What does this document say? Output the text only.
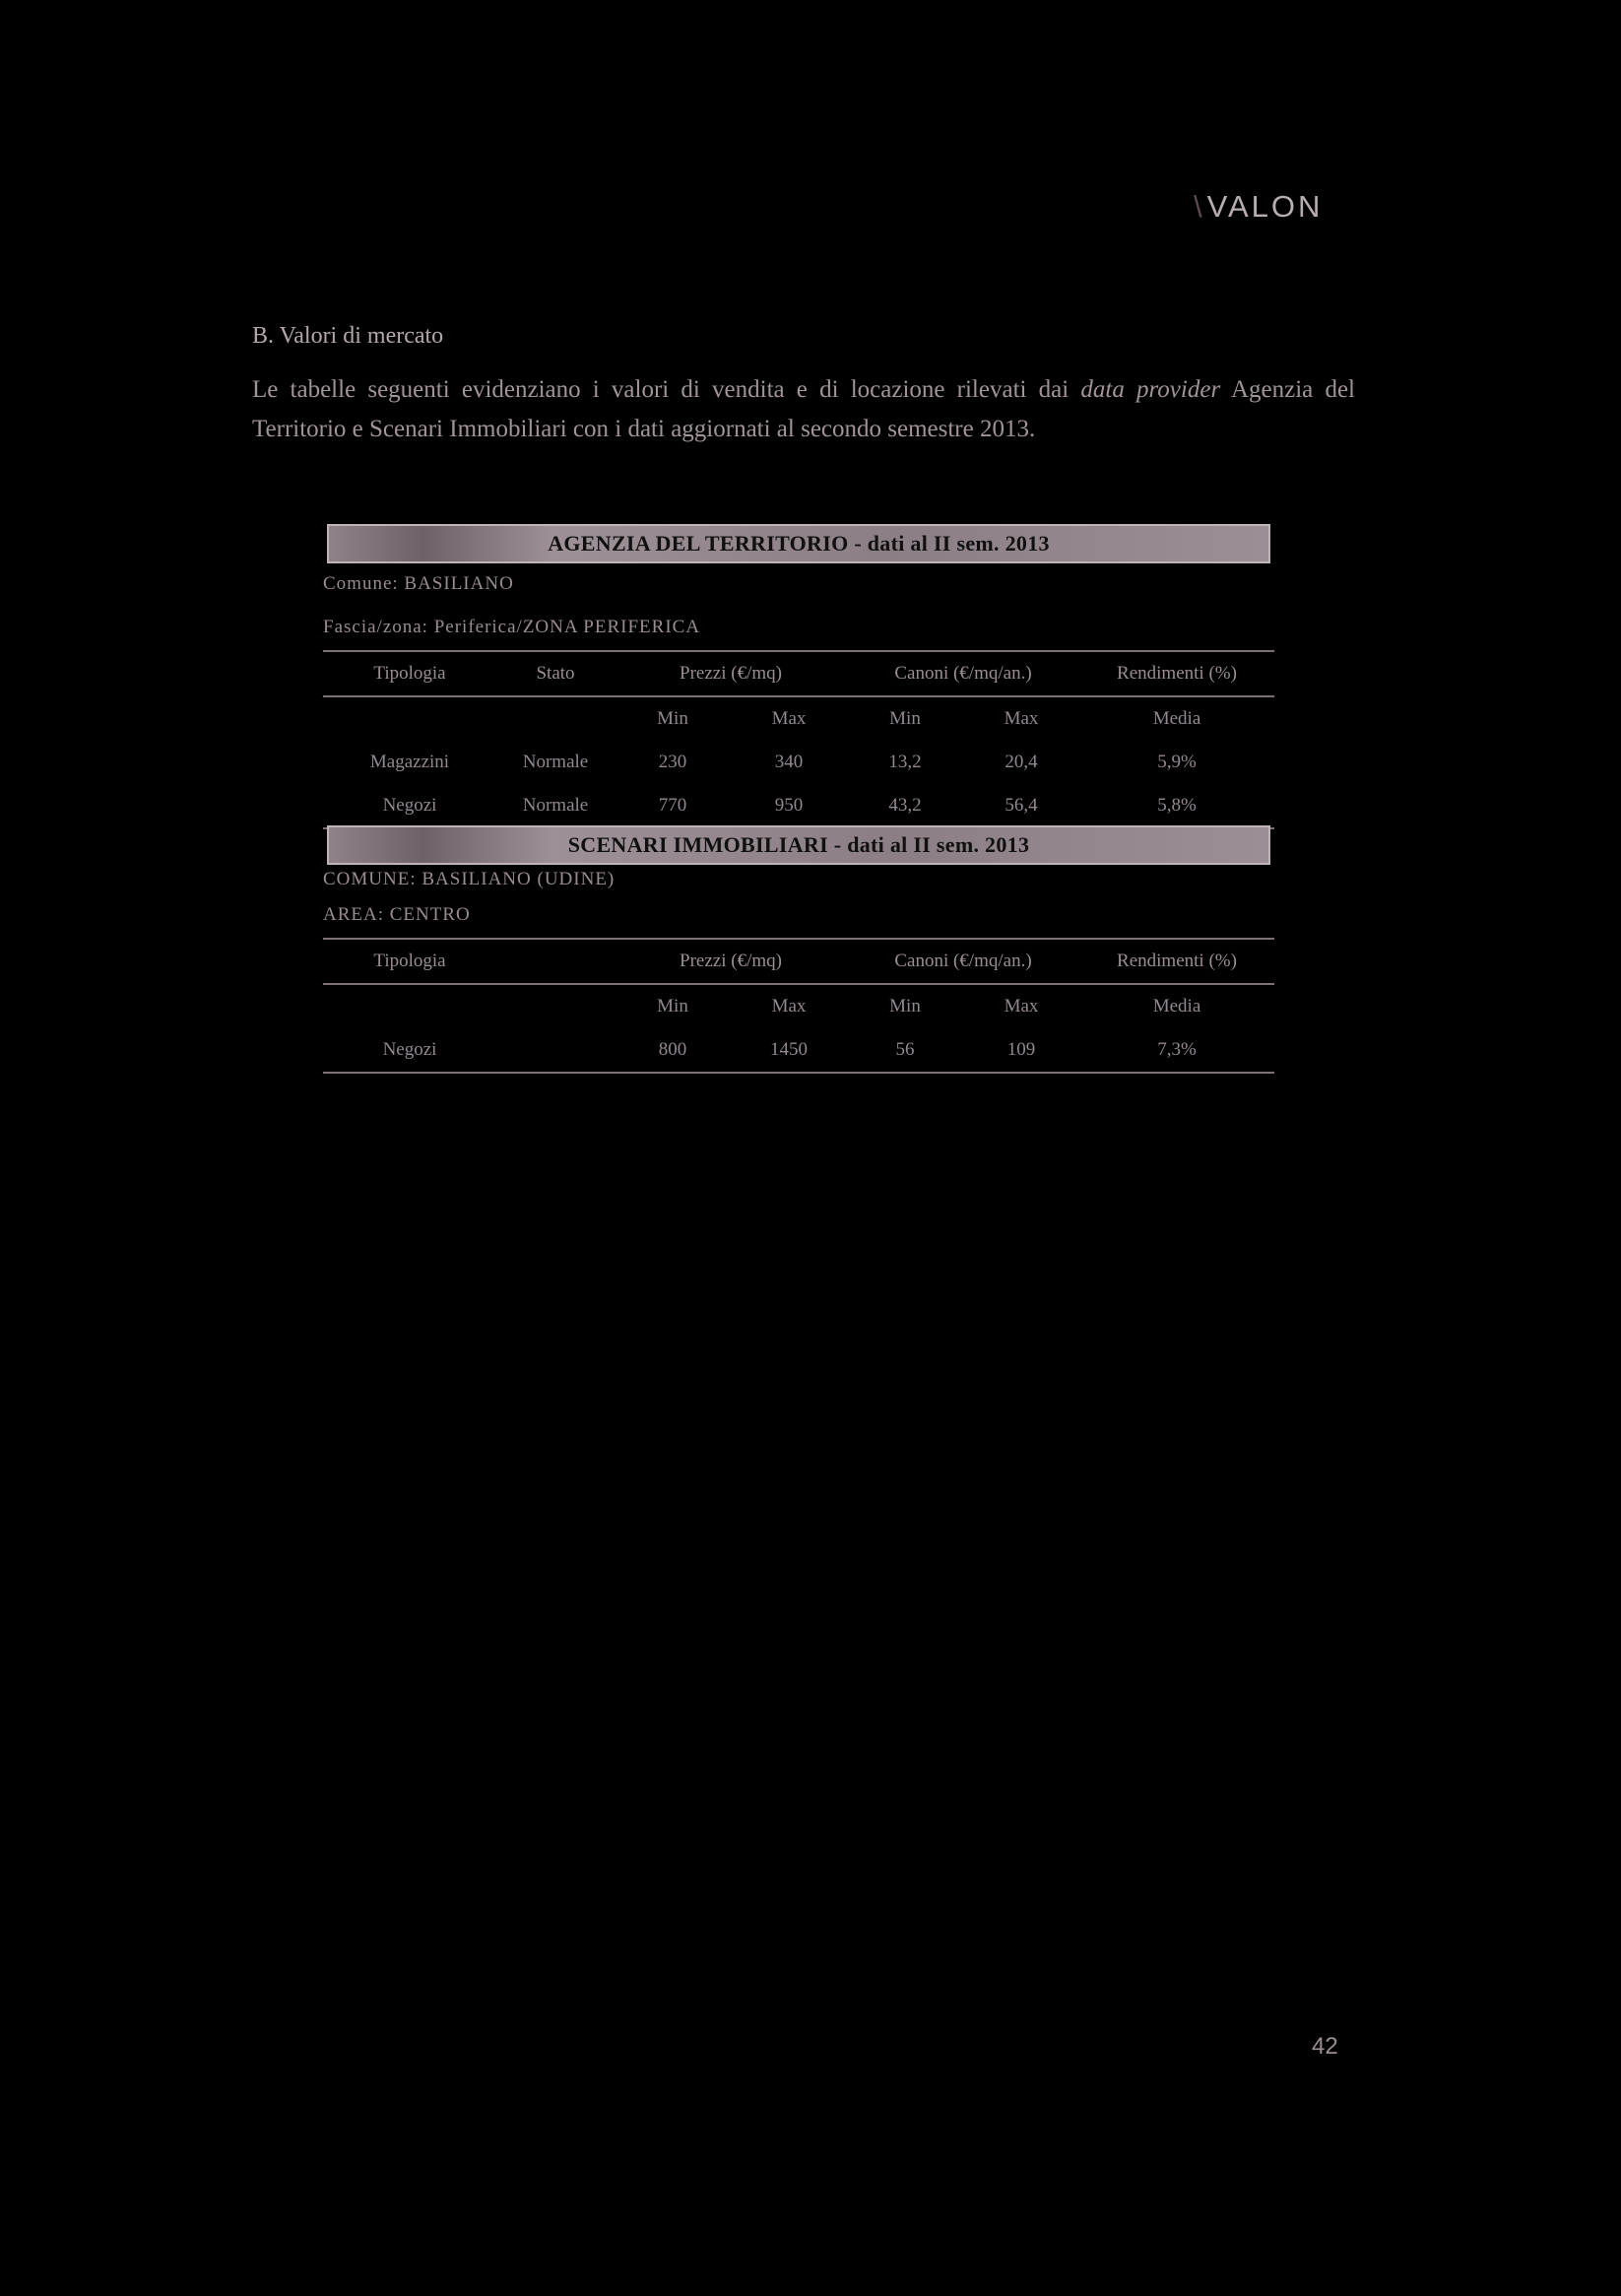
\VALON
B. Valori di mercato
Le tabelle seguenti evidenziano i valori di vendita e di locazione rilevati dai data provider Agenzia del Territorio e Scenari Immobiliari con i dati aggiornati al secondo semestre 2013.
AGENZIA DEL TERRITORIO - dati al II sem. 2013
Comune: BASILIANO
Fascia/zona: Periferica/ZONA PERIFERICA
Tipologia	Stato	Prezzi (€/mq)		Canoni (€/mq/an.)		Rendimenti (%)
		Min	Max	Min	Max	Media
Magazzini	Normale	230	340	13,2	20,4	5,9%
Negozi	Normale	770	950	43,2	56,4	5,8%
SCENARI IMMOBILIARI - dati al II sem. 2013
COMUNE: BASILIANO (UDINE)
AREA: CENTRO
Tipologia		Prezzi (€/mq)		Canoni (€/mq/an.)		Rendimenti (%)
		Min	Max	Min	Max	Media
Negozi		800	1450	56	109	7,3%
42
